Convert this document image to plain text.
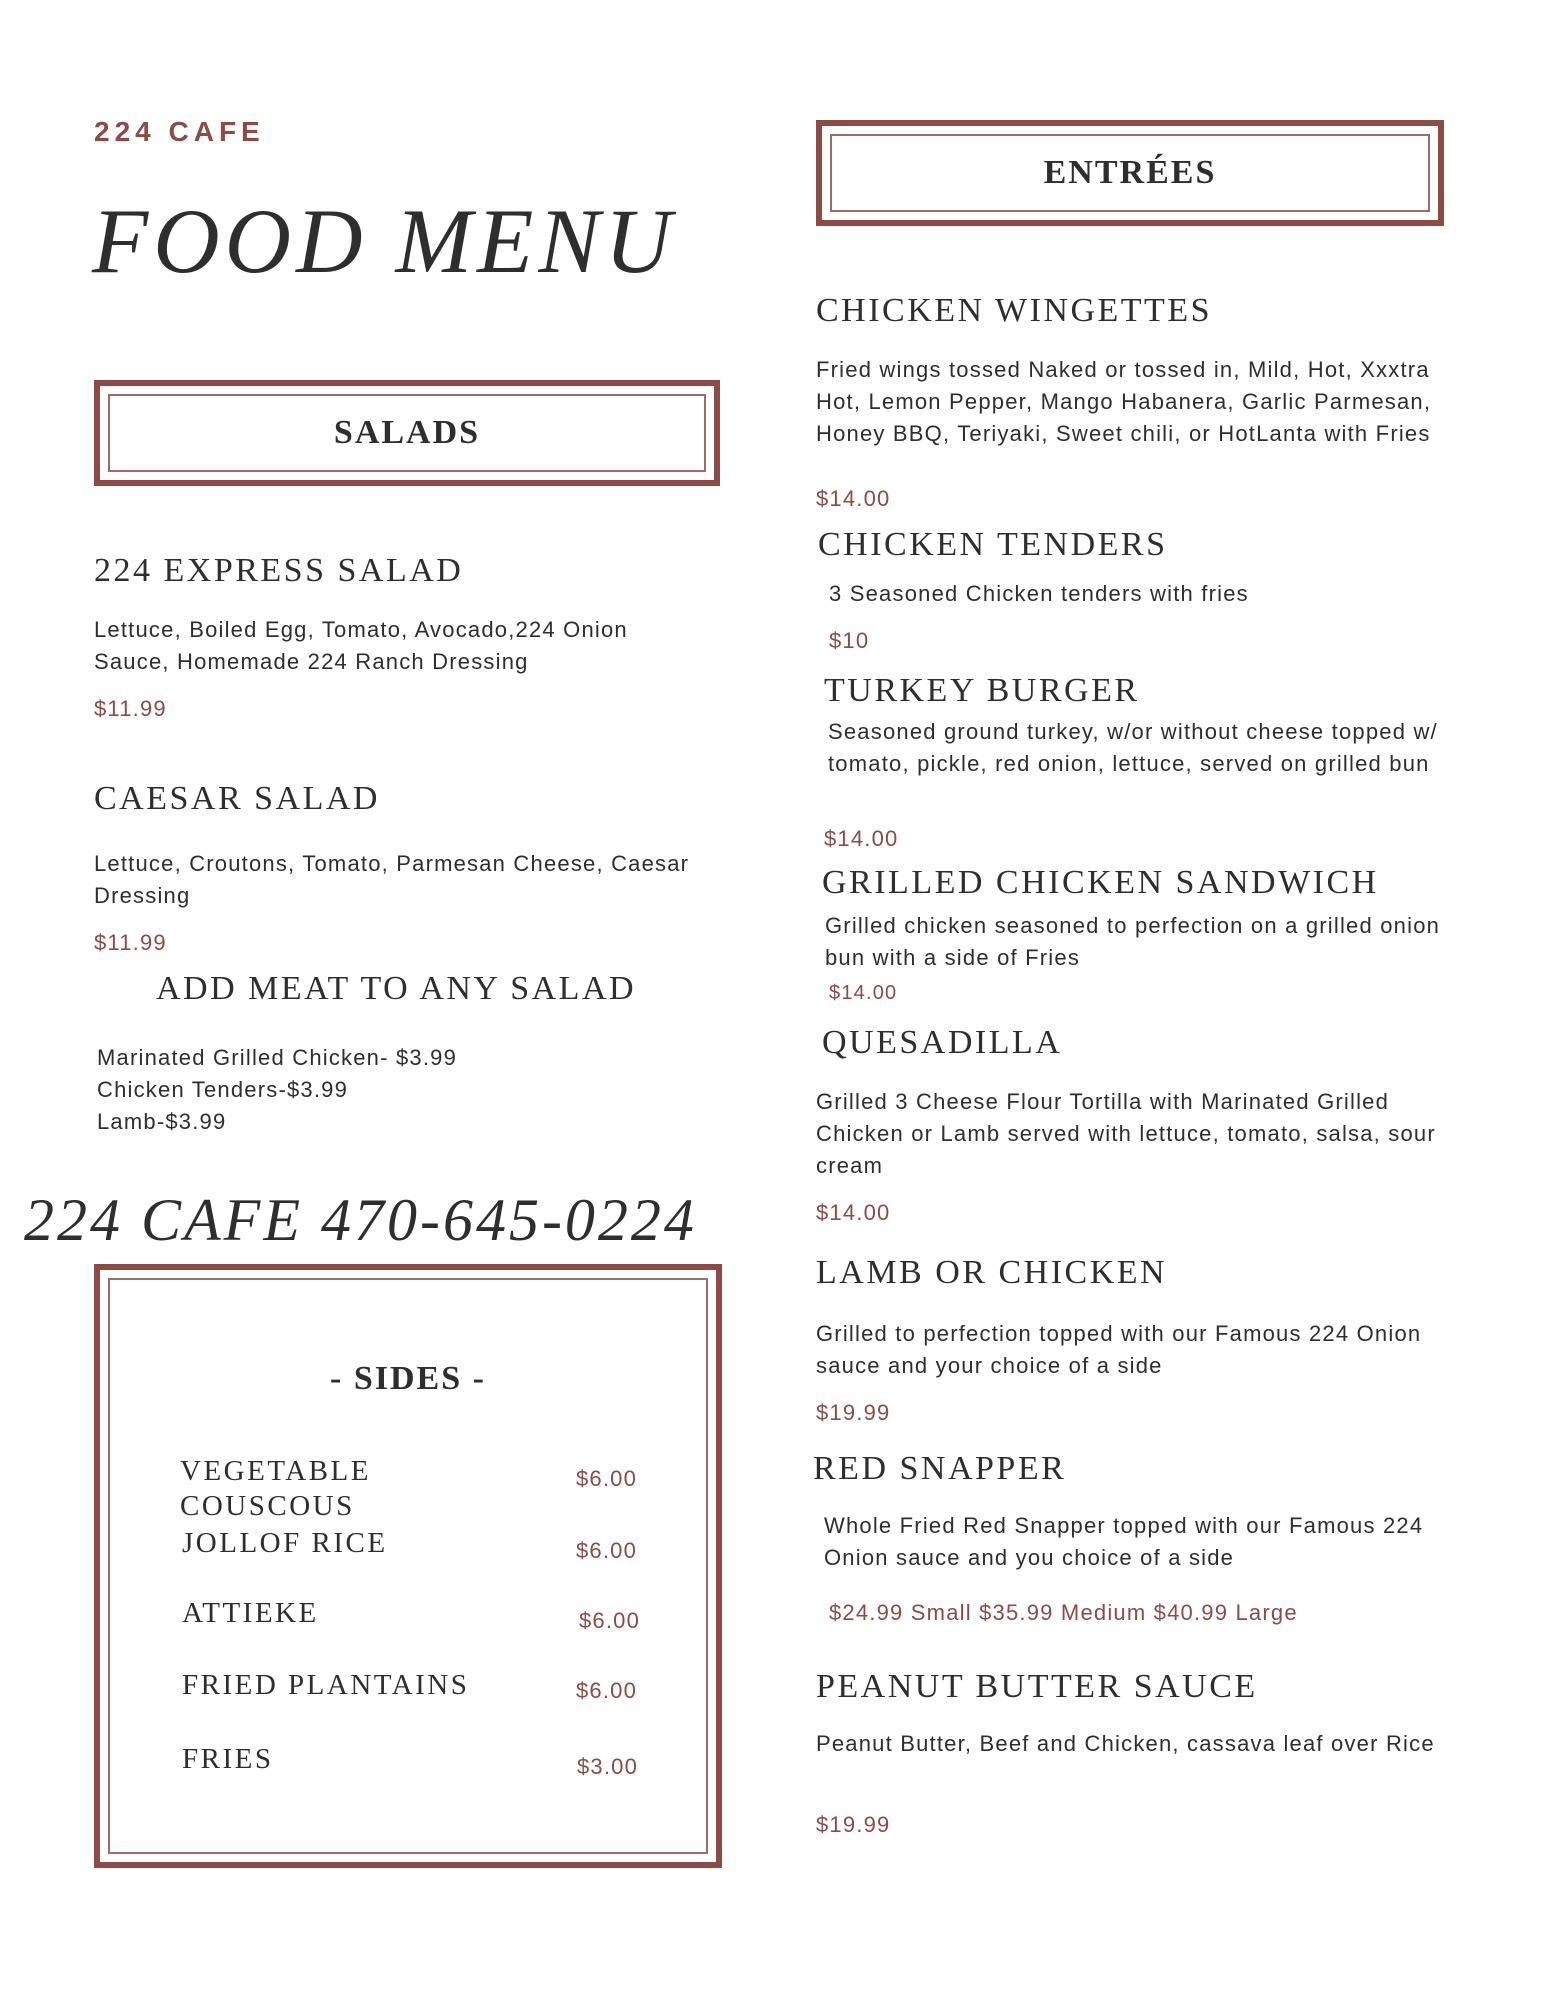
224 CAFE
FOOD MENU
SALADS
224 EXPRESS SALAD
Lettuce, Boiled Egg, Tomato, Avocado,224 Onion Sauce, Homemade 224 Ranch Dressing
$11.99
CAESAR SALAD
Lettuce, Croutons, Tomato, Parmesan Cheese, Caesar Dressing
$11.99
ADD MEAT TO ANY SALAD
Marinated Grilled Chicken- $3.99
Chicken Tenders-$3.99
Lamb-$3.99
224 CAFE 470-645-0224
- SIDES -
VEGETABLE COUSCOUS
$6.00
JOLLOF RICE	$6.00
ATTIEKE	$6.00
FRIED PLANTAINS	$6.00
FRIES	$3.00
ENTRÉES
CHICKEN WINGETTES
Fried wings tossed Naked or tossed in, Mild, Hot, Xxxtra Hot, Lemon Pepper, Mango Habanera, Garlic Parmesan, Honey BBQ, Teriyaki, Sweet chili, or HotLanta with Fries
$14.00
CHICKEN TENDERS
3 Seasoned Chicken tenders with fries
$10
TURKEY BURGER
Seasoned ground turkey, w/or without cheese topped w/ tomato, pickle, red onion, lettuce, served on grilled bun
$14.00
GRILLED CHICKEN SANDWICH
Grilled chicken seasoned to perfection on a grilled onion bun with a side of Fries
$14.00
QUESADILLA
Grilled 3 Cheese Flour Tortilla with Marinated Grilled Chicken or Lamb served with lettuce, tomato, salsa, sour cream
$14.00
LAMB OR CHICKEN
Grilled to perfection topped with our Famous 224 Onion sauce and your choice of a side
$19.99
RED SNAPPER
Whole Fried Red Snapper topped with our Famous 224 Onion sauce and you choice of a side
$24.99 Small $35.99 Medium $40.99 Large
PEANUT BUTTER SAUCE
Peanut Butter, Beef and Chicken, cassava leaf over Rice
$19.99
